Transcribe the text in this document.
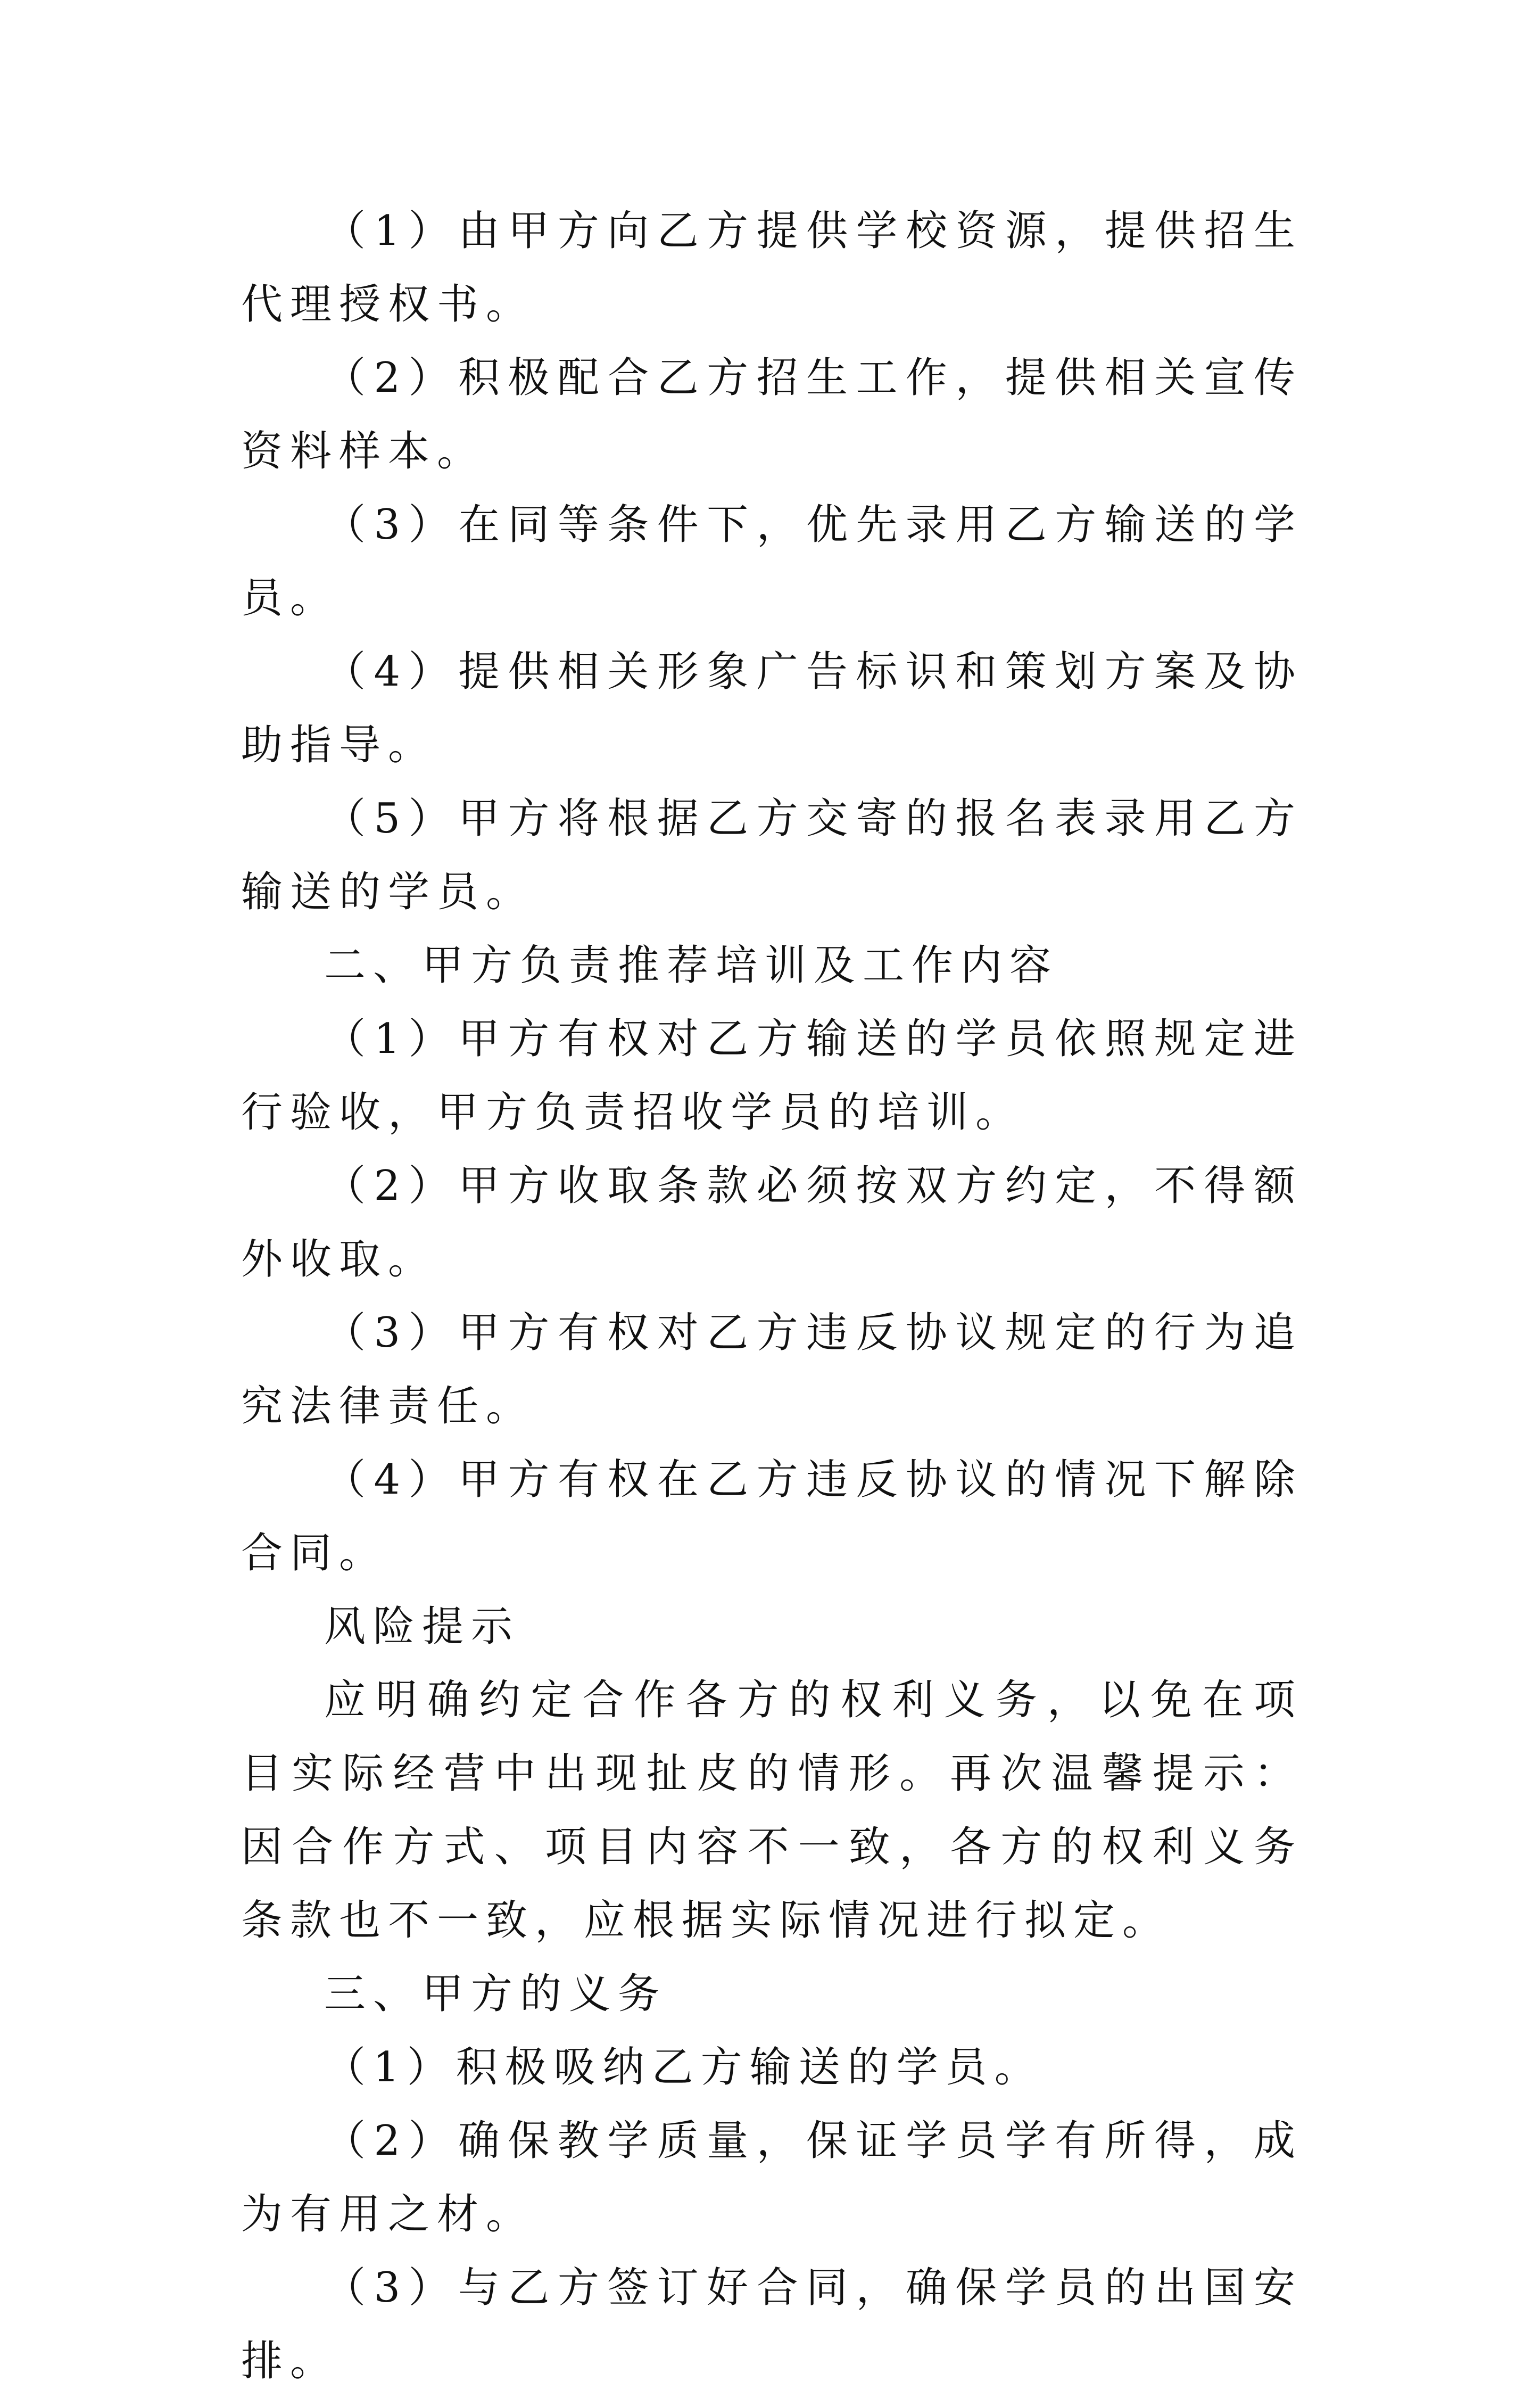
（1）由甲方向乙方提供学校资源，提供招生代理授权书。

（2）积极配合乙方招生工作，提供相关宣传资料样本。

（3）在同等条件下，优先录用乙方输送的学员。

（4）提供相关形象广告标识和策划方案及协助指导。

（5）甲方将根据乙方交寄的报名表录用乙方输送的学员。

二、甲方负责推荐培训及工作内容

（1）甲方有权对乙方输送的学员依照规定进行验收，甲方负责招收学员的培训。

（2）甲方收取条款必须按双方约定，不得额外收取。

（3）甲方有权对乙方违反协议规定的行为追究法律责任。

（4）甲方有权在乙方违反协议的情况下解除合同。

风险提示

应明确约定合作各方的权利义务，以免在项目实际经营中出现扯皮的情形。再次温馨提示：因合作方式、项目内容不一致，各方的权利义务条款也不一致，应根据实际情况进行拟定。

三、甲方的义务

（1）积极吸纳乙方输送的学员。

（2）确保教学质量，保证学员学有所得，成为有用之材。

（3）与乙方签订好合同，确保学员的出国安排。
